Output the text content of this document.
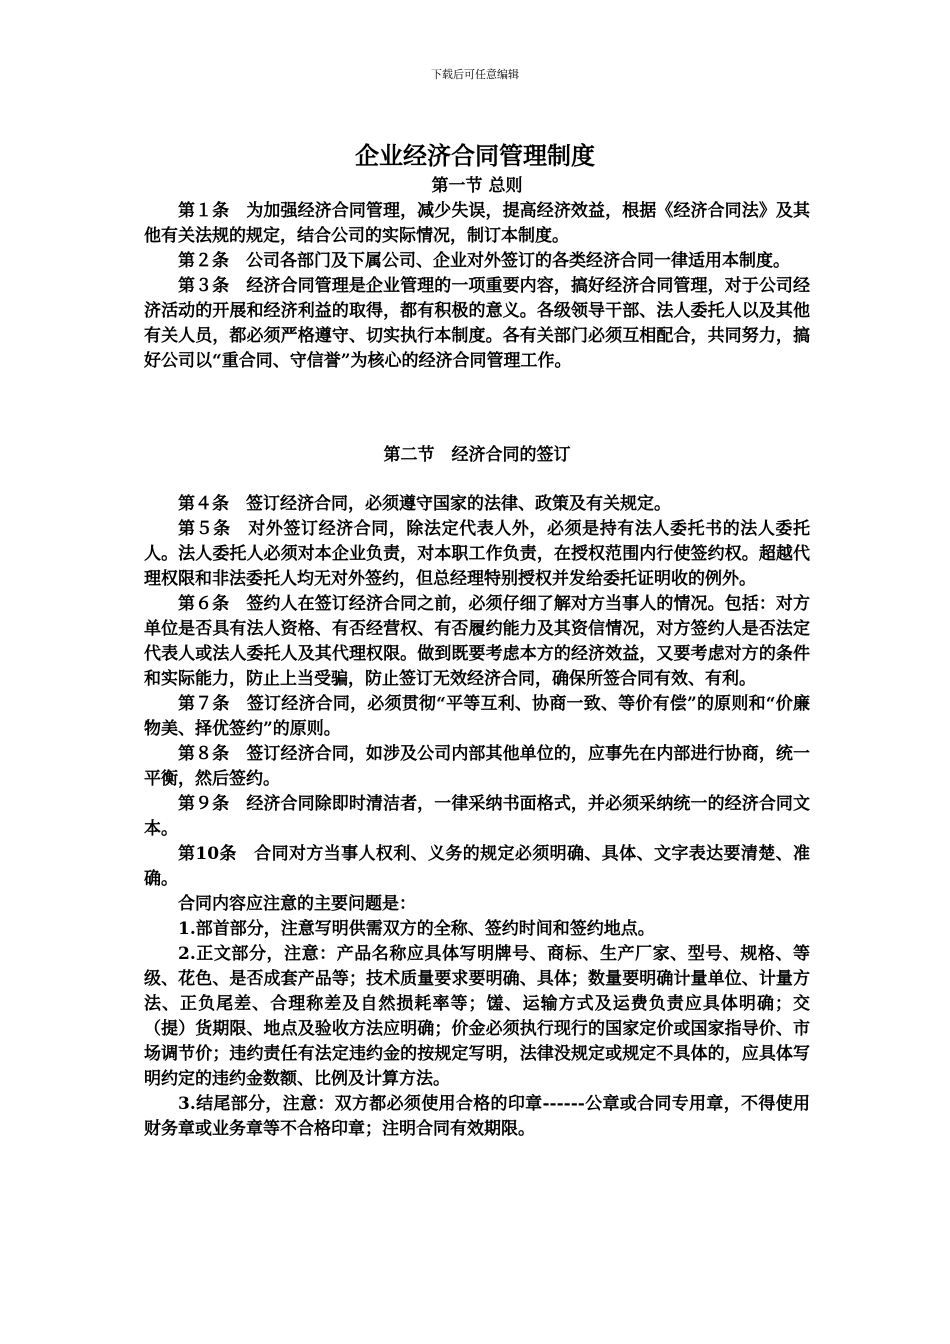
下载后可任意编辑
企业经济合同管理制度
第一节 总则

第１条　为加强经济合同管理，减少失误，提高经济效益，根据《经济合同法》及其他有关法规的规定，结合公司的实际情况，制订本制度。

第２条　公司各部门及下属公司、企业对外签订的各类经济合同一律适用本制度。

第３条　经济合同管理是企业管理的一项重要内容，搞好经济合同管理，对于公司经济活动的开展和经济利益的取得，都有积极的意义。各级领导干部、法人委托人以及其他有关人员，都必须严格遵守、切实执行本制度。各有关部门必须互相配合，共同努力，搞好公司以“重合同、守信誉”为核心的经济合同管理工作。

第二节　经济合同的签订

第４条　签订经济合同，必须遵守国家的法律、政策及有关规定。

第５条　对外签订经济合同，除法定代表人外，必须是持有法人委托书的法人委托人。法人委托人必须对本企业负责，对本职工作负责，在授权范围内行使签约权。超越代理权限和非法委托人均无对外签约，但总经理特别授权并发给委托证明收的例外。

第６条　签约人在签订经济合同之前，必须仔细了解对方当事人的情况。包括：对方单位是否具有法人资格、有否经营权、有否履约能力及其资信情况，对方签约人是否法定代表人或法人委托人及其代理权限。做到既要考虑本方的经济效益，又要考虑对方的条件和实际能力，防止上当受骗，防止签订无效经济合同，确保所签合同有效、有利。

第７条　签订经济合同，必须贯彻“平等互利、协商一致、等价有偿”的原则和“价廉物美、择优签约”的原则。

第８条　签订经济合同，如涉及公司内部其他单位的，应事先在内部进行协商，统一平衡，然后签约。

第９条　经济合同除即时清洁者，一律采纳书面格式，并必须采纳统一的经济合同文本。

第10条　合同对方当事人权利、义务的规定必须明确、具体、文字表达要清楚、准确。

合同内容应注意的主要问题是：

1.部首部分，注意写明供需双方的全称、签约时间和签约地点。

2.正文部分，注意：产品名称应具体写明牌号、商标、生产厂家、型号、规格、等级、花色、是否成套产品等；技术质量要求要明确、具体；数量要明确计量单位、计量方法、正负尾差、合理称差及自然损耗率等；馐、运输方式及运费负责应具体明确；交（提）货期限、地点及验收方法应明确；价金必须执行现行的国家定价或国家指导价、市场调节价；违约责任有法定违约金的按规定写明，法律没规定或规定不具体的，应具体写明约定的违约金数额、比例及计算方法。

3.结尾部分，注意：双方都必须使用合格的印章------公章或合同专用章，不得使用财务章或业务章等不合格印章；注明合同有效期限。
